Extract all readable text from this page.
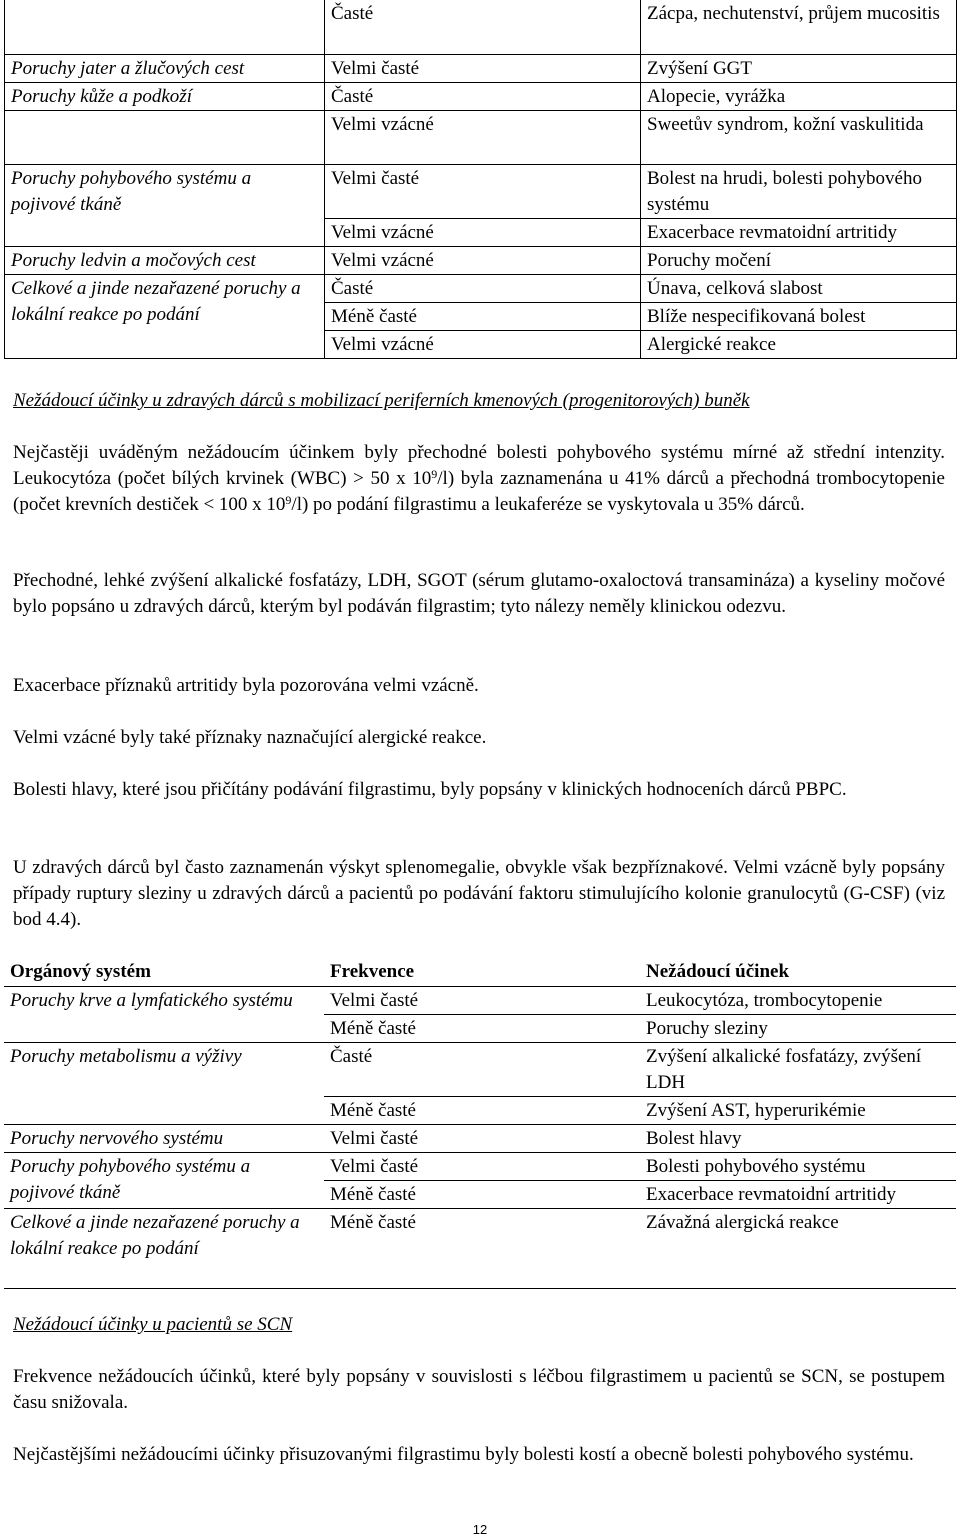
	Časté	Zácpa, nechutenství, průjem mucositis
Poruchy jater a žlučových cest	Velmi časté	Zvýšení GGT
Poruchy kůže a podkoží	Časté	Alopecie, vyrážka
	Velmi vzácné	Sweetův syndrom, kožní vaskulitida
Poruchy pohybového systému a pojivové tkáně	Velmi časté	Bolest na hrudi, bolesti pohybového systému
	Velmi vzácné	Exacerbace revmatoidní artritidy
Poruchy ledvin a močových cest	Velmi vzácné	Poruchy močení
Celkové a jinde nezařazené poruchy a lokální reakce po podání	Časté	Únava, celková slabost
	Méně časté	Blíže nespecifikovaná bolest
	Velmi vzácné	Alergické reakce
Nežádoucí účinky u zdravých dárců s mobilizací periferních kmenových (progenitorových) buněk

Nejčastěji uváděným nežádoucím účinkem byly přechodné bolesti pohybového systému mírné až střední intenzity. Leukocytóza (počet bílých krvinek (WBC) > 50 x $10^9/l$) byla zaznamenána u 41% dárců a přechodná trombocytopenie (počet krevních destiček < 100 x $10^9/l$) po podání filgrastimu a leukaferéze se vyskytovala u 35% dárců.

Přechodné, lehké zvýšení alkalické fosfatázy, LDH, SGOT (sérum glutamo-oxaloctová transamináza) a kyseliny močové bylo popsáno u zdravých dárců, kterým byl podáván filgrastim; tyto nálezy neměly klinickou odezvu.

Exacerbace příznaků artritidy byla pozorována velmi vzácně.

Velmi vzácné byly také příznaky naznačující alergické reakce.

Bolesti hlavy, které jsou přičítány podávání filgrastimu, byly popsány v klinických hodnoceních dárců PBPC.

U zdravých dárců byl často zaznamenán výskyt splenomegalie, obvykle však bezpříznakové. Velmi vzácně byly popsány případy ruptury sleziny u zdravých dárců a pacientů po podávání faktoru stimulujícího kolonie granulocytů (G-CSF) (viz bod 4.4).

Orgánový systém	Frekvence	Nežádoucí účinek
Poruchy krve a lymfatického systému	Velmi časté	Leukocytóza, trombocytopenie
	Méně časté	Poruchy sleziny
Poruchy metabolismu a výživy	Časté	Zvýšení alkalické fosfatázy, zvýšení LDH
	Méně časté	Zvýšení AST, hyperurikémie
Poruchy nervového systému	Velmi časté	Bolest hlavy
Poruchy pohybového systému a pojivové tkáně	Velmi časté	Bolesti pohybového systému
	Méně časté	Exacerbace revmatoidní artritidy
Celkové a jinde nezařazené poruchy a lokální reakce po podání	Méně časté	Závažná alergická reakce
Nežádoucí účinky u pacientů se SCN

Frekvence nežádoucích účinků, které byly popsány v souvislosti s léčbou filgrastimem u pacientů se SCN, se postupem času snižovala.

Nejčastějšími nežádoucími účinky přisuzovanými filgrastimu byly bolesti kostí a obecně bolesti pohybového systému.

12
